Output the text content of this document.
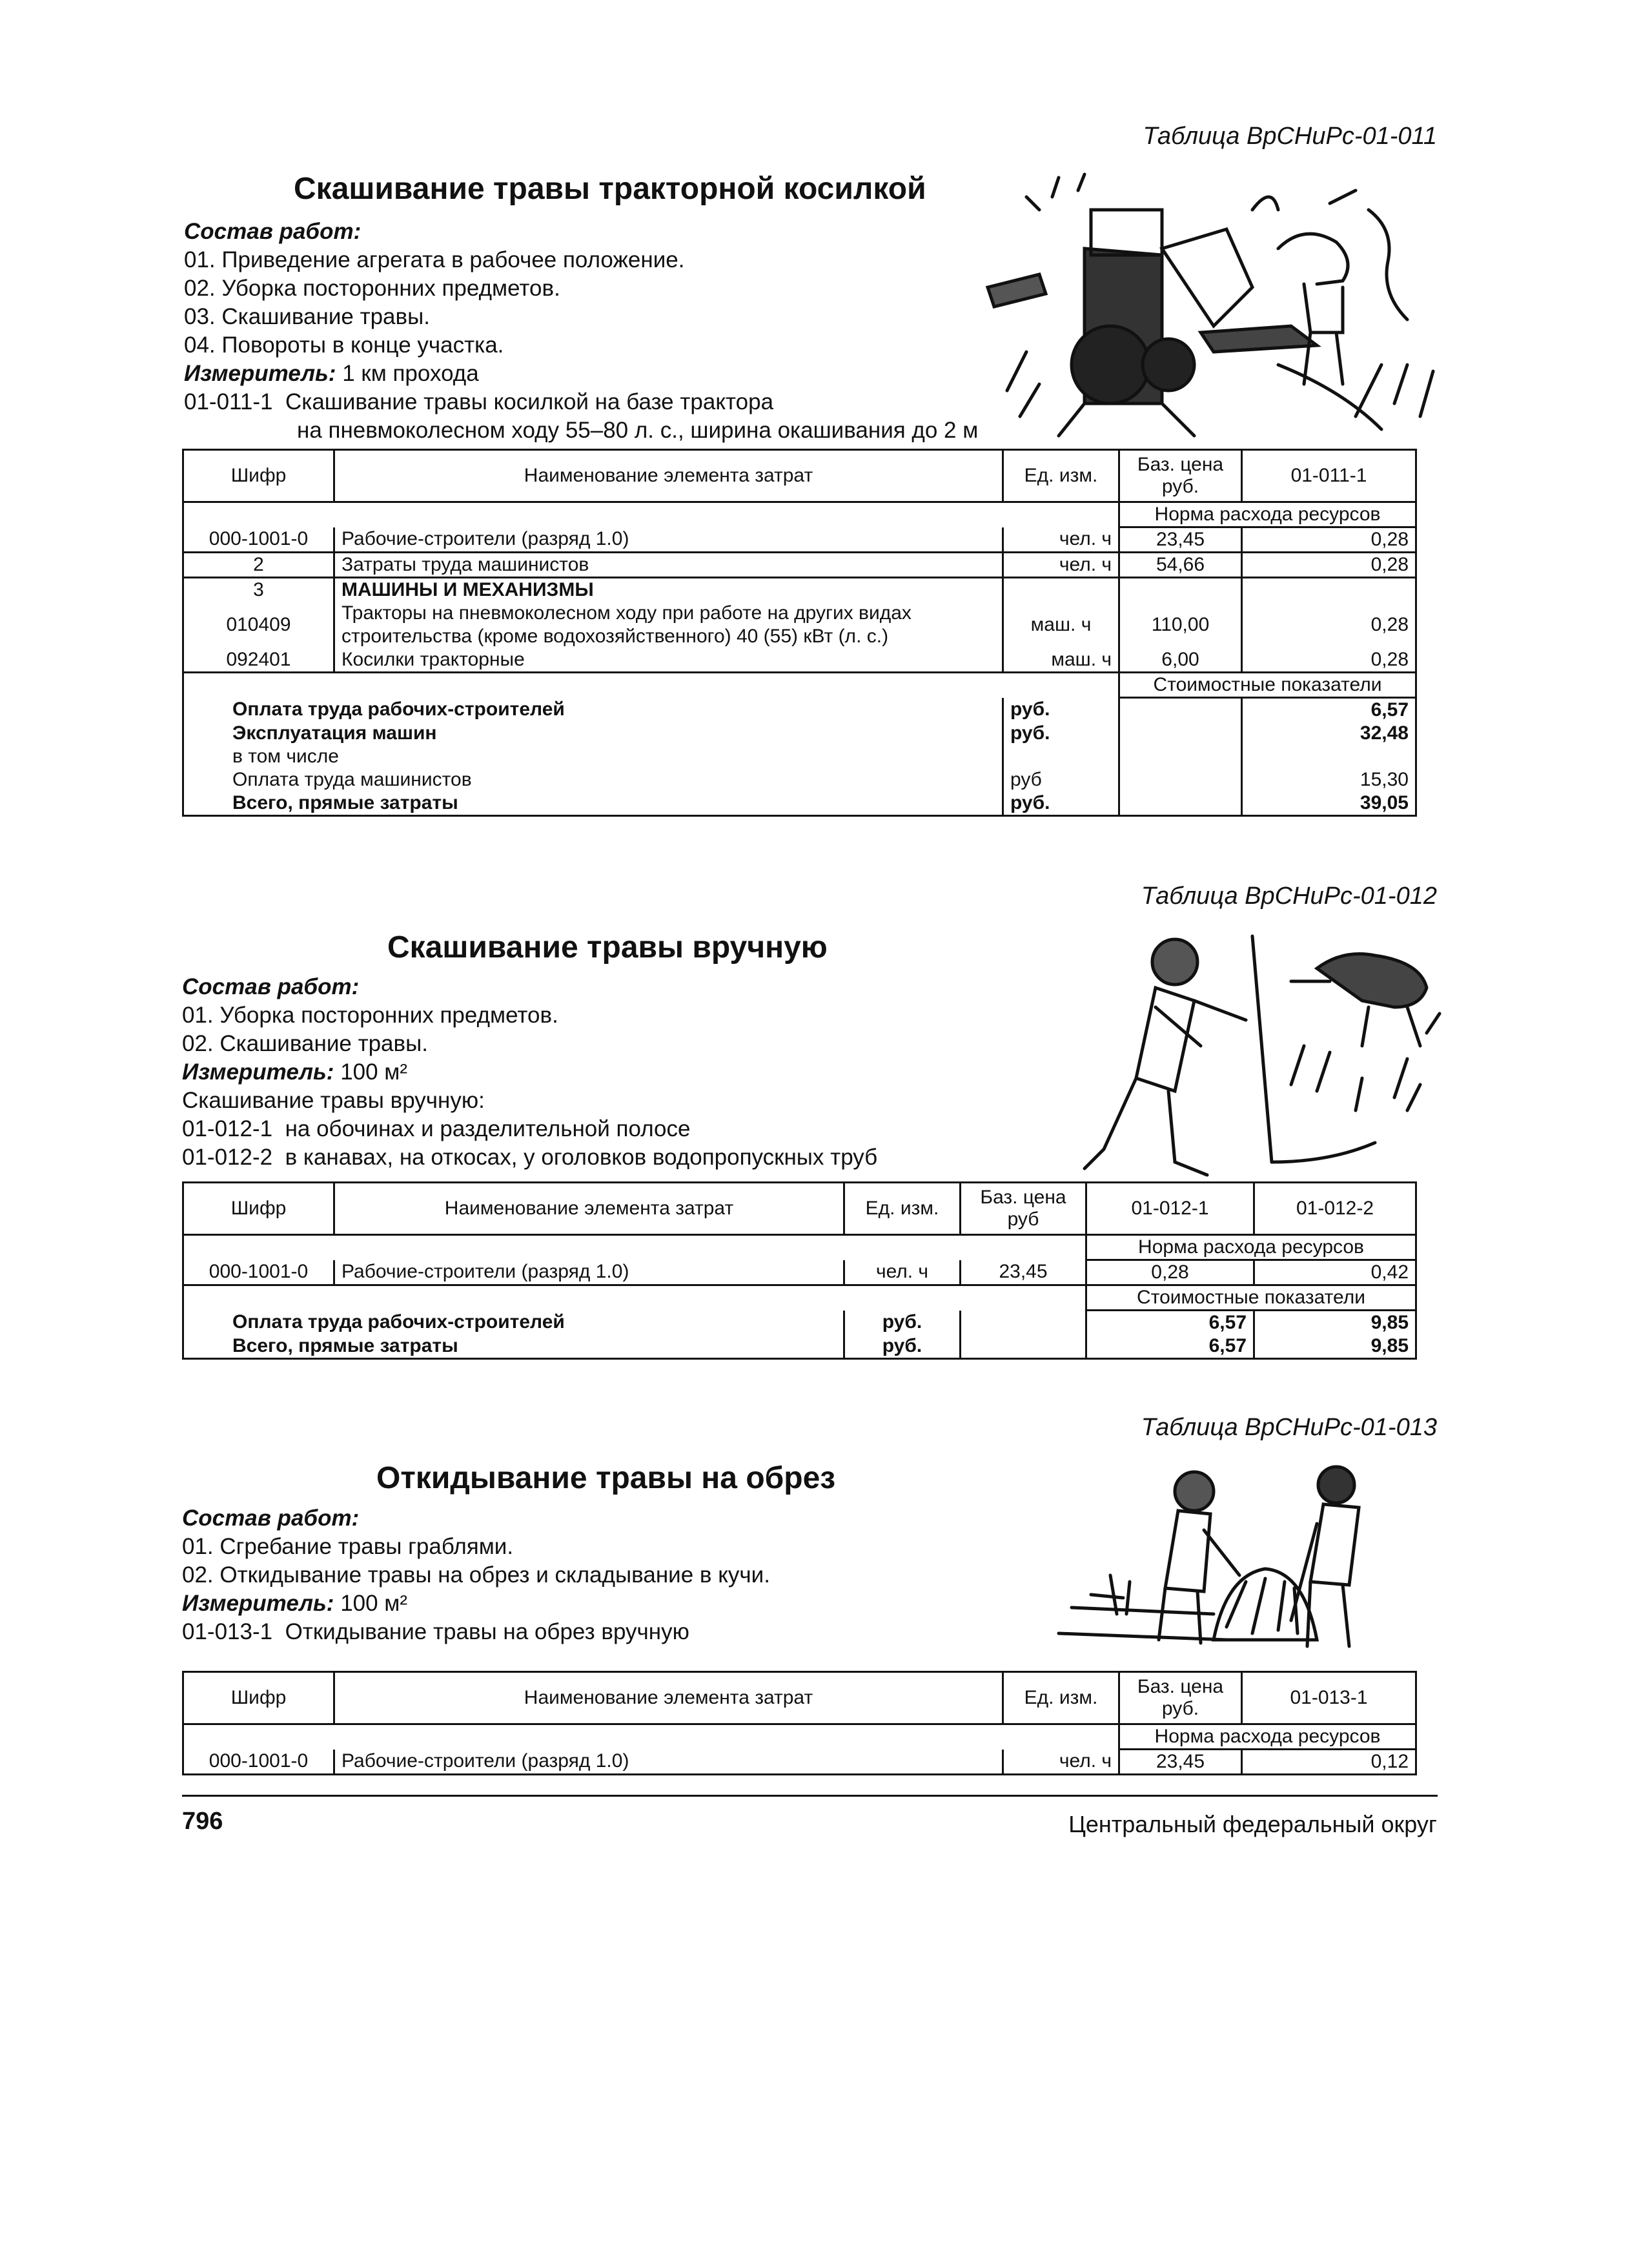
Таблица ВрСНиРс-01-011
Скашивание травы тракторной косилкой
Состав работ:
01. Приведение агрегата в рабочее положение.
02. Уборка посторонних предметов.
03. Скашивание травы.
04. Повороты в конце участка.
Измеритель: 1 км прохода
01-011-1 Скашивание травы косилкой на базе трактора
на пневмоколесном ходу 55–80 л. с., ширина окашивания до 2 м
Шифр	Наименование элемента затрат	Ед. изм.	Баз. цена руб.	01-011-1
			Норма расхода ресурсов	
000-1001-0	Рабочие-строители (разряд 1.0)	чел. ч	23,45	0,28
2	Затраты труда машинистов	чел. ч	54,66	0,28
3	МАШИНЫ И МЕХАНИЗМЫ			
010409	Тракторы на пневмоколесном ходу при работе на других видах
строительства (кроме водохозяйственного) 40 (55) кВт (л. с.)	маш. ч	110,00	0,28
092401	Косилки тракторные	маш. ч	6,00	0,28
			Стоимостные показатели	
Оплата труда рабочих-строителей		руб.		6,57
Эксплуатация машин		руб.		32,48
в том числе				
Оплата труда машинистов		руб		15,30
Всего, прямые затраты		руб.		39,05
Таблица ВрСНиРс-01-012
Скашивание травы вручную
Состав работ:
01. Уборка посторонних предметов.
02. Скашивание травы.
Измеритель: 100 м²
Скашивание травы вручную:
01-012-1 на обочинах и разделительной полосе
01-012-2 в канавах, на откосах, у оголовков водопропускных труб
Шифр	Наименование элемента затрат	Ед. изм.	Баз. цена руб	01-012-1	01-012-2
				Норма расхода ресурсов	
000-1001-0	Рабочие-строители (разряд 1.0)	чел. ч	23,45	0,28	0,42
				Стоимостные показатели	
Оплата труда рабочих-строителей		руб.		6,57	9,85
Всего, прямые затраты		руб.		6,57	9,85
Таблица ВрСНиРс-01-013
Откидывание травы на обрез
Состав работ:
01. Сгребание травы граблями.
02. Откидывание травы на обрез и складывание в кучи.
Измеритель: 100 м²
01-013-1 Откидывание травы на обрез вручную
Шифр	Наименование элемента затрат	Ед. изм.	Баз. цена руб.	01-013-1
			Норма расхода ресурсов	
000-1001-0	Рабочие-строители (разряд 1.0)	чел. ч	23,45	0,12
796	Центральный федеральный округ
